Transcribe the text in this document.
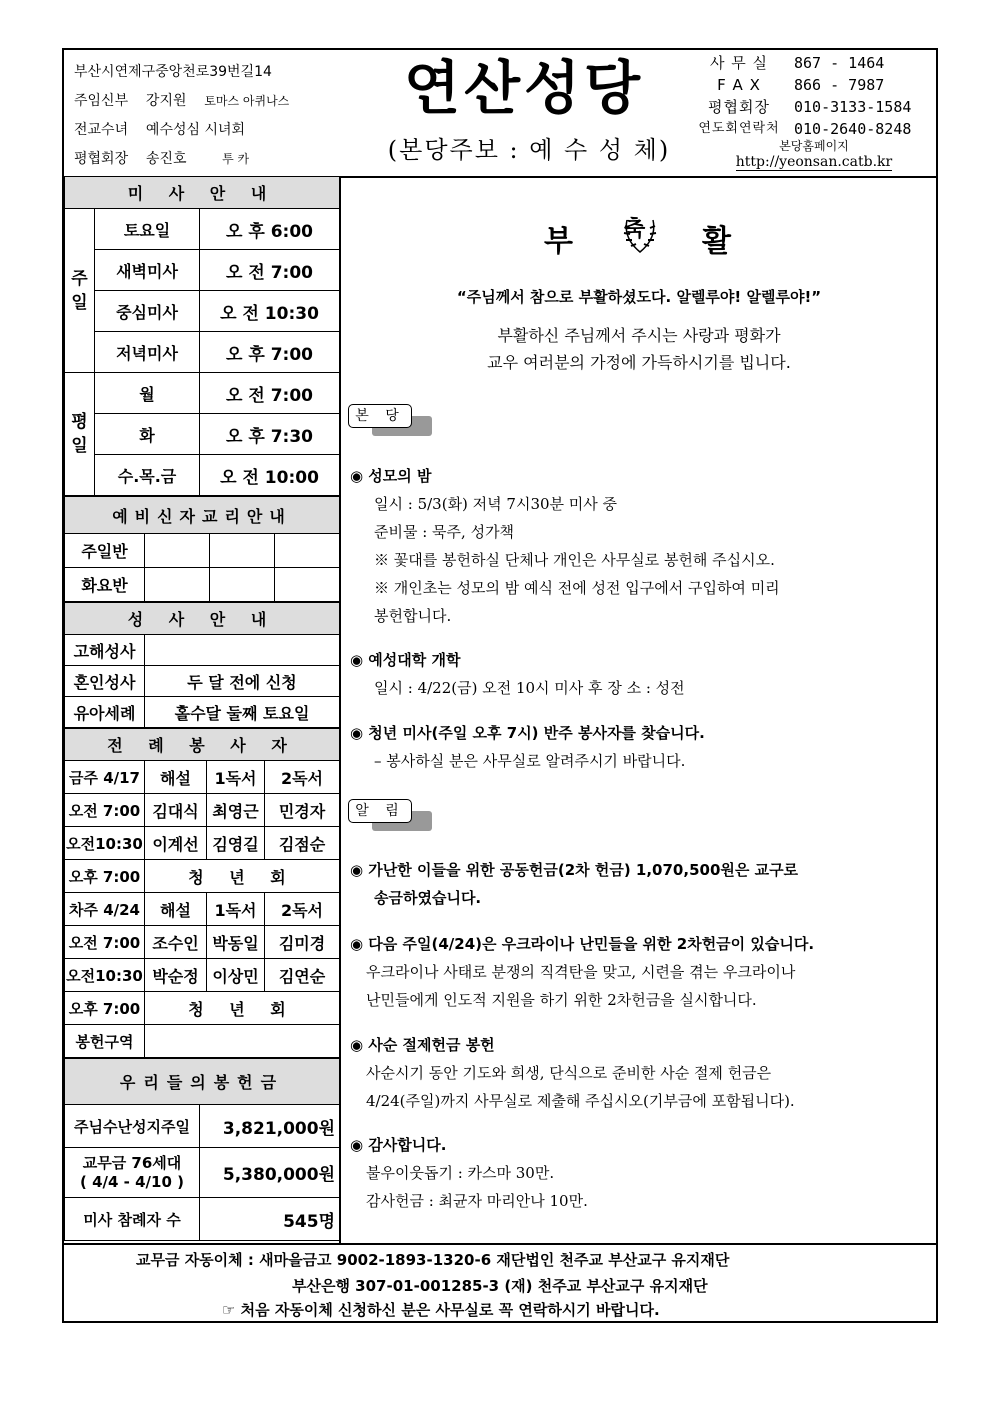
부산시연제구중앙천로39번길14
주임신부 강지원 토마스 아퀴나스
전교수녀 예수성심 시녀회
평협회장 송진호	투 카
연산성당
(본당주보 : 예 수 성 체)
사 무 실	867 - 1464
F A X	866 - 7987
평협회장	010-3133-1584
연도회연락처 010-2640-8248
본당홈페이지
http://yeonsan.catb.kr
미 사 안 내		
주 일	토요일	오 후 6:00
	새벽미사	오 전 7:00
	중심미사	오 전 10:30
	저녁미사	오 후 7:00
평 일	월	오 전 7:00
	화	오 후 7:30
	수.목.금	오 전 10:00
예비신자교리안내			
주일반			
화요반			
성 사 안 내	
고해성사	
혼인성사	두 달 전에 신청
유아세례	홀수달 둘째 토요일
전 례 봉 사 자			
금주 4/17	해설	1독서	2독서
오전 7:00	김대식	최영근	민경자
오전10:30	이계선	김영길	김점순
오후 7:00	청 년 회		
차주 4/24	해설	1독서	2독서
오전 7:00	조수인	박동일	김미경
오전10:30	박순정	이상민	김연순
오후 7:00	청 년 회		
봉헌구역			
우리들의봉헌금	
주님수난성지주일	3,821,000원

교무금 76세대
( 4/4 - 4/10 )	5,380,000원
미사 참례자 수	545명
부 축 활
“주님께서 참으로 부활하셨도다. 알렐루야! 알렐루야!”
부활하신 주님께서 주시는 사랑과 평화가
교우 여러분의 가정에 가득하시기를 빕니다.
본 당
◉ 성모의 밤
일시 : 5/3(화) 저녁 7시30분 미사 중
준비물 : 묵주, 성가책
※ 꽃대를 봉헌하실 단체나 개인은 사무실로 봉헌해 주십시오.
※ 개인초는 성모의 밤 예식 전에 성전 입구에서 구입하여 미리
봉헌합니다.
◉ 예성대학 개학
일시 : 4/22(금) 오전 10시 미사 후 장 소 : 성전
◉ 청년 미사(주일 오후 7시) 반주 봉사자를 찾습니다.
– 봉사하실 분은 사무실로 알려주시기 바랍니다.
알 림
◉ 가난한 이들을 위한 공동헌금(2차 헌금) 1,070,500원은 교구로
송금하였습니다.
◉ 다음 주일(4/24)은 우크라이나 난민들을 위한 2차헌금이 있습니다.
우크라이나 사태로 분쟁의 직격탄을 맞고, 시련을 겪는 우크라이나
난민들에게 인도적 지원을 하기 위한 2차헌금을 실시합니다.
◉ 사순 절제헌금 봉헌
사순시기 동안 기도와 희생, 단식으로 준비한 사순 절제 헌금은
4/24(주일)까지 사무실로 제출해 주십시오(기부금에 포함됩니다).
◉ 감사합니다.
불우이웃돕기 : 카스마 30만.
감사헌금 : 최균자 마리안나 10만.
교무금 자동이체 : 새마을금고 9002-1893-1320-6 재단법인 천주교 부산교구 유지재단
부산은행 307-01-001285-3 (재) 천주교 부산교구 유지재단
☞ 처음 자동이체 신청하신 분은 사무실로 꼭 연락하시기 바랍니다.
